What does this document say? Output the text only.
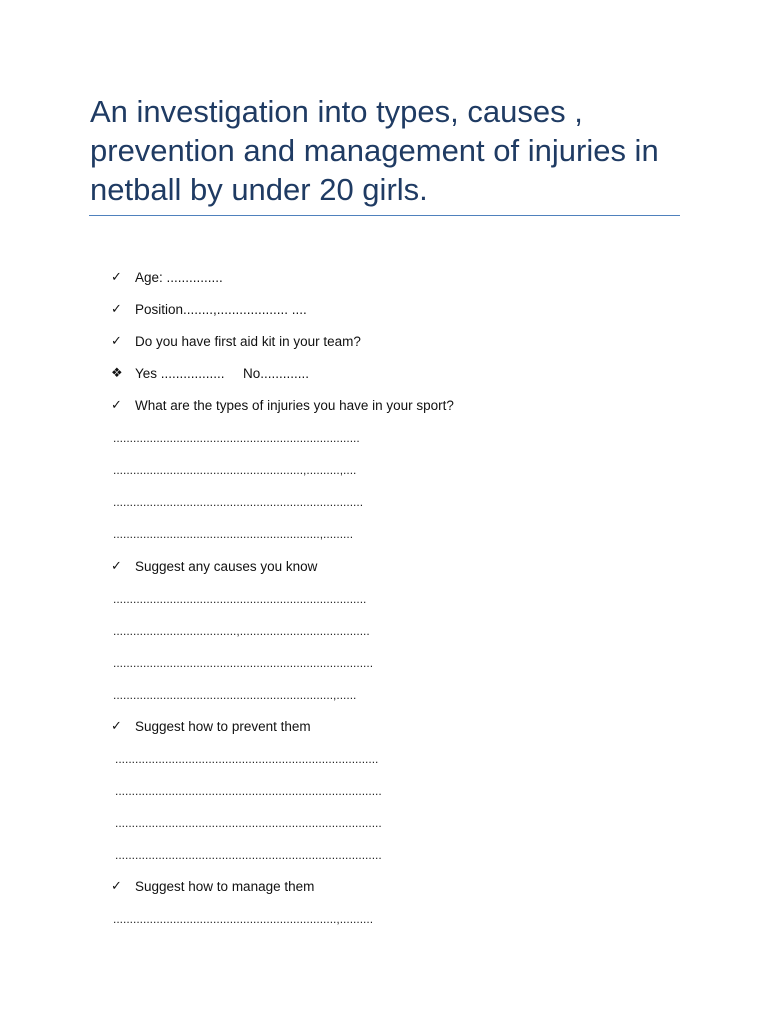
An investigation into types, causes , prevention and management of injuries in netball by under 20 girls.
✓ Age: ...............
✓ Position........,................... ....
✓ Do you have first aid kit in your team?
❖ Yes ................. No.............
✓ What are the types of injuries you have in your sport?
..........................................................................
.........................................................,..........,....
...........................................................................
..............................................................,.........
✓ Suggest any causes you know
............................................................................
.....................................,.......................................
..............................................................................
..................................................................,......
✓ Suggest how to prevent them
...............................................................................
................................................................................
................................................................................
................................................................................
✓ Suggest how to manage them
...................................................................,..........
